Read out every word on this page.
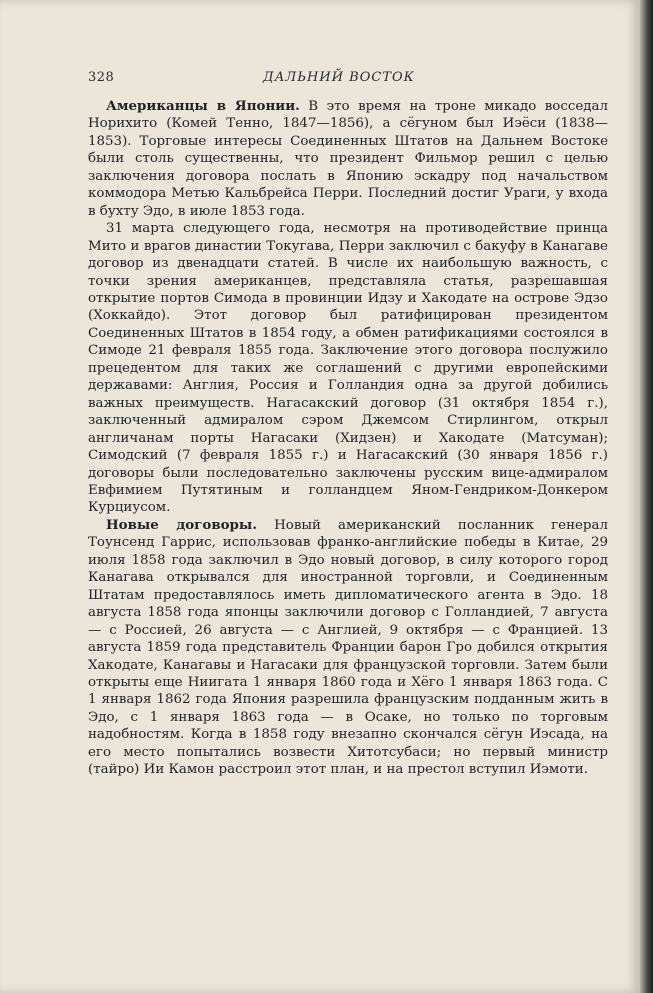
328	ДАЛЬНИЙ ВОСТОК

Американцы в Японии. В это время на троне микадо восседал Норихито (Комей Тенно, 1847—1856), а сёгуном был Иэёси (1838—1853). Торговые интересы Соединенных Штатов на Дальнем Востоке были столь существенны, что президент Фильмор решил с целью заключения договора послать в Японию эскадру под начальством коммодора Метью Кальбрейса Перри. Последний достиг Ураги, у входа в бухту Эдо, в июле 1853 года.

31 марта следующего года, несмотря на противодействие принца Мито и врагов династии Токугава, Перри заключил с бакуфу в Канагаве договор из двенадцати статей. В числе их наибольшую важность, с точки зрения американцев, представляла статья, разрешавшая открытие портов Симода в провинции Идзу и Хакодате на острове Эдзо (Хоккайдо). Этот договор был ратифицирован президентом Соединенных Штатов в 1854 году, а обмен ратификациями состоялся в Симоде 21 февраля 1855 года. Заключение этого договора послужило прецедентом для таких же соглашений с другими европейскими державами: Англия, Россия и Голландия одна за другой добились важных преимуществ. Нагасакский договор (31 октября 1854 г.), заключенный адмиралом сэром Джемсом Стирлингом, открыл англичанам порты Нагасаки (Хидзен) и Хакодате (Матсуман); Симодский (7 февраля 1855 г.) и Нагасакский (30 января 1856 г.) договоры были последовательно заключены русским вице-адмиралом Евфимием Путятиным и голландцем Яном-Гендриком-Донкером Курциусом.

Новые договоры. Новый американский посланник генерал Тоунсенд Гаррис, использовав франко-английские победы в Китае, 29 июля 1858 года заключил в Эдо новый договор, в силу которого город Канагава открывался для иностранной торговли, и Соединенным Штатам предоставлялось иметь дипломатического агента в Эдо. 18 августа 1858 года японцы заключили договор с Голландией, 7 августа — с Россией, 26 августа — с Англией, 9 октября — с Францией. 13 августа 1859 года представитель Франции барон Гро добился открытия Хакодате, Канагавы и Нагасаки для французской торговли. Затем были открыты еще Ниигата 1 января 1860 года и Хёго 1 января 1863 года. С 1 января 1862 года Япония разрешила французским подданным жить в Эдо, с 1 января 1863 года — в Осаке, но только по торговым надобностям. Когда в 1858 году внезапно скончался сёгун Иэсада, на его место попытались возвести Хитотсубаси; но первый министр (тайро) Ии Камон расстроил этот план, и на престол вступил Иэмоти.
